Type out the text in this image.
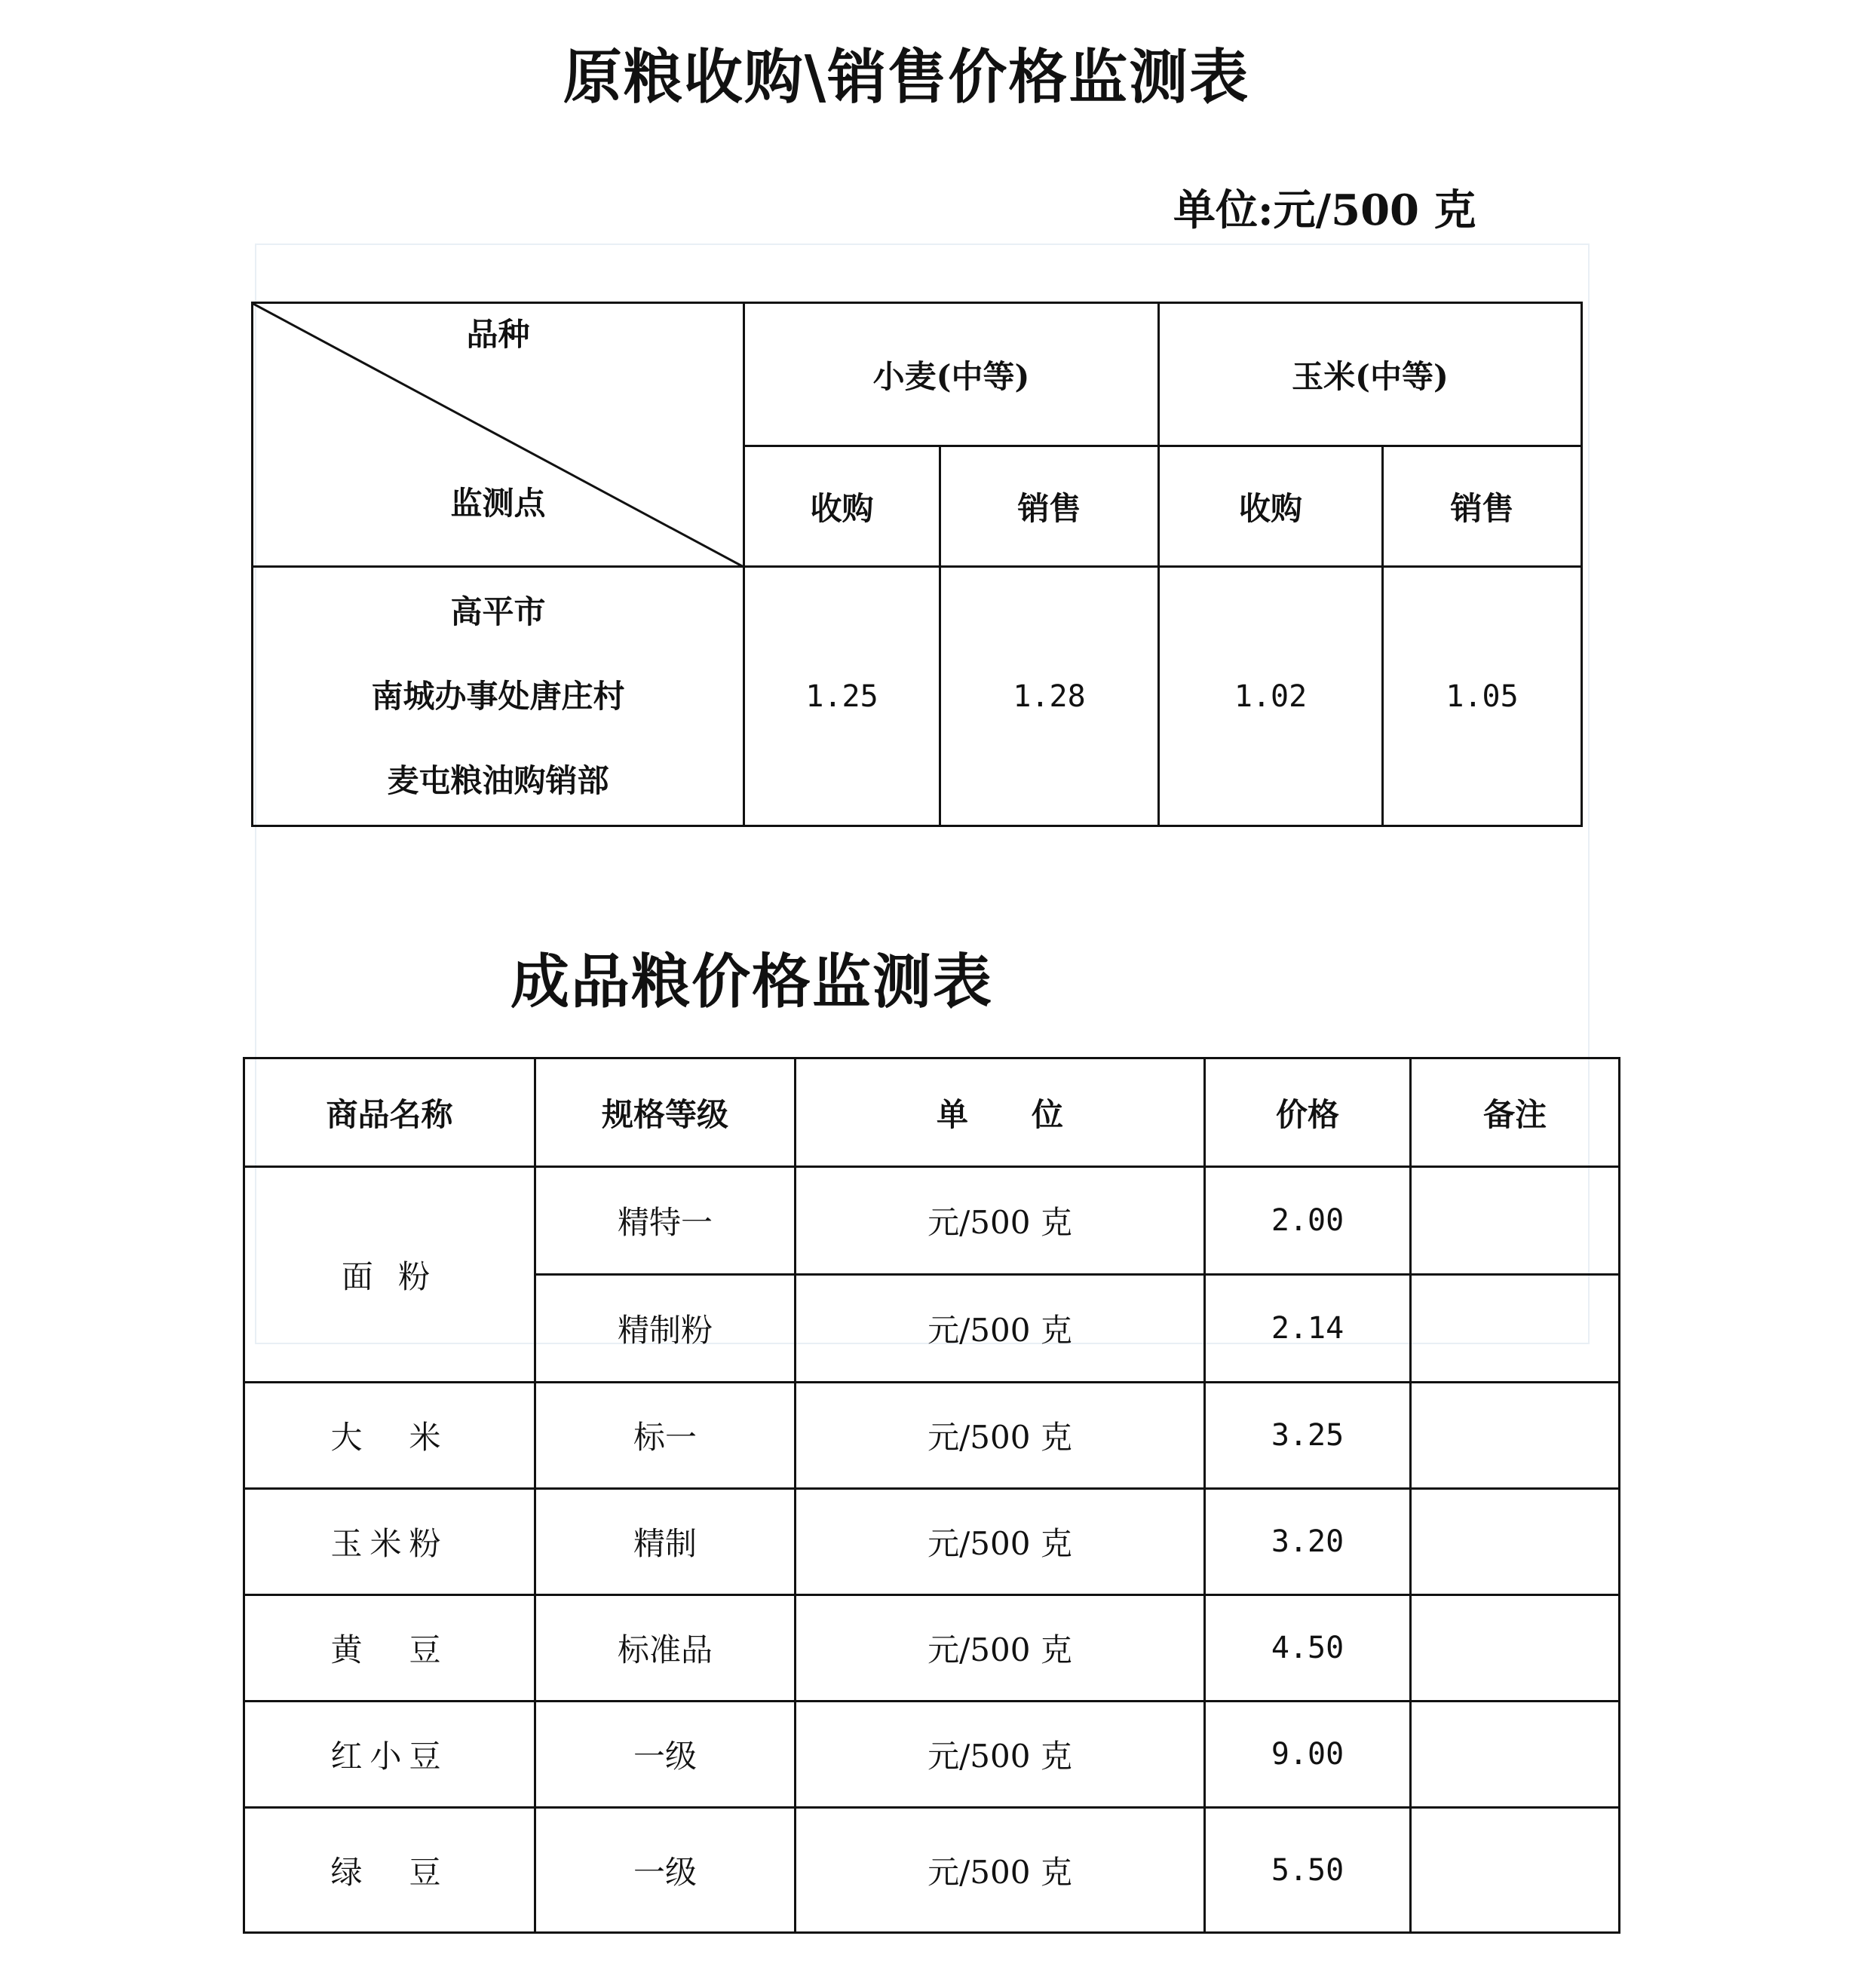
原粮收购\销售价格监测表
单位:元/500 克
品种
监测点	小麦(中等)		玉米(中等)	
	收购	销售	收购	销售

高平市
南城办事处唐庄村
麦屯粮油购销部	1.25	1.28	1.02	1.05
成品粮价格监测表
商品名称	规格等级	单　　位	价格	备注
面 粉	精特一	元/500 克	2.00	
	精制粉	元/500 克	2.14	
大　米	标一	元/500 克	3.25	
玉米粉	精制	元/500 克	3.20	
黄　豆	标准品	元/500 克	4.50	
红小豆	一级	元/500 克	9.00	
绿　豆	一级	元/500 克	5.50	
